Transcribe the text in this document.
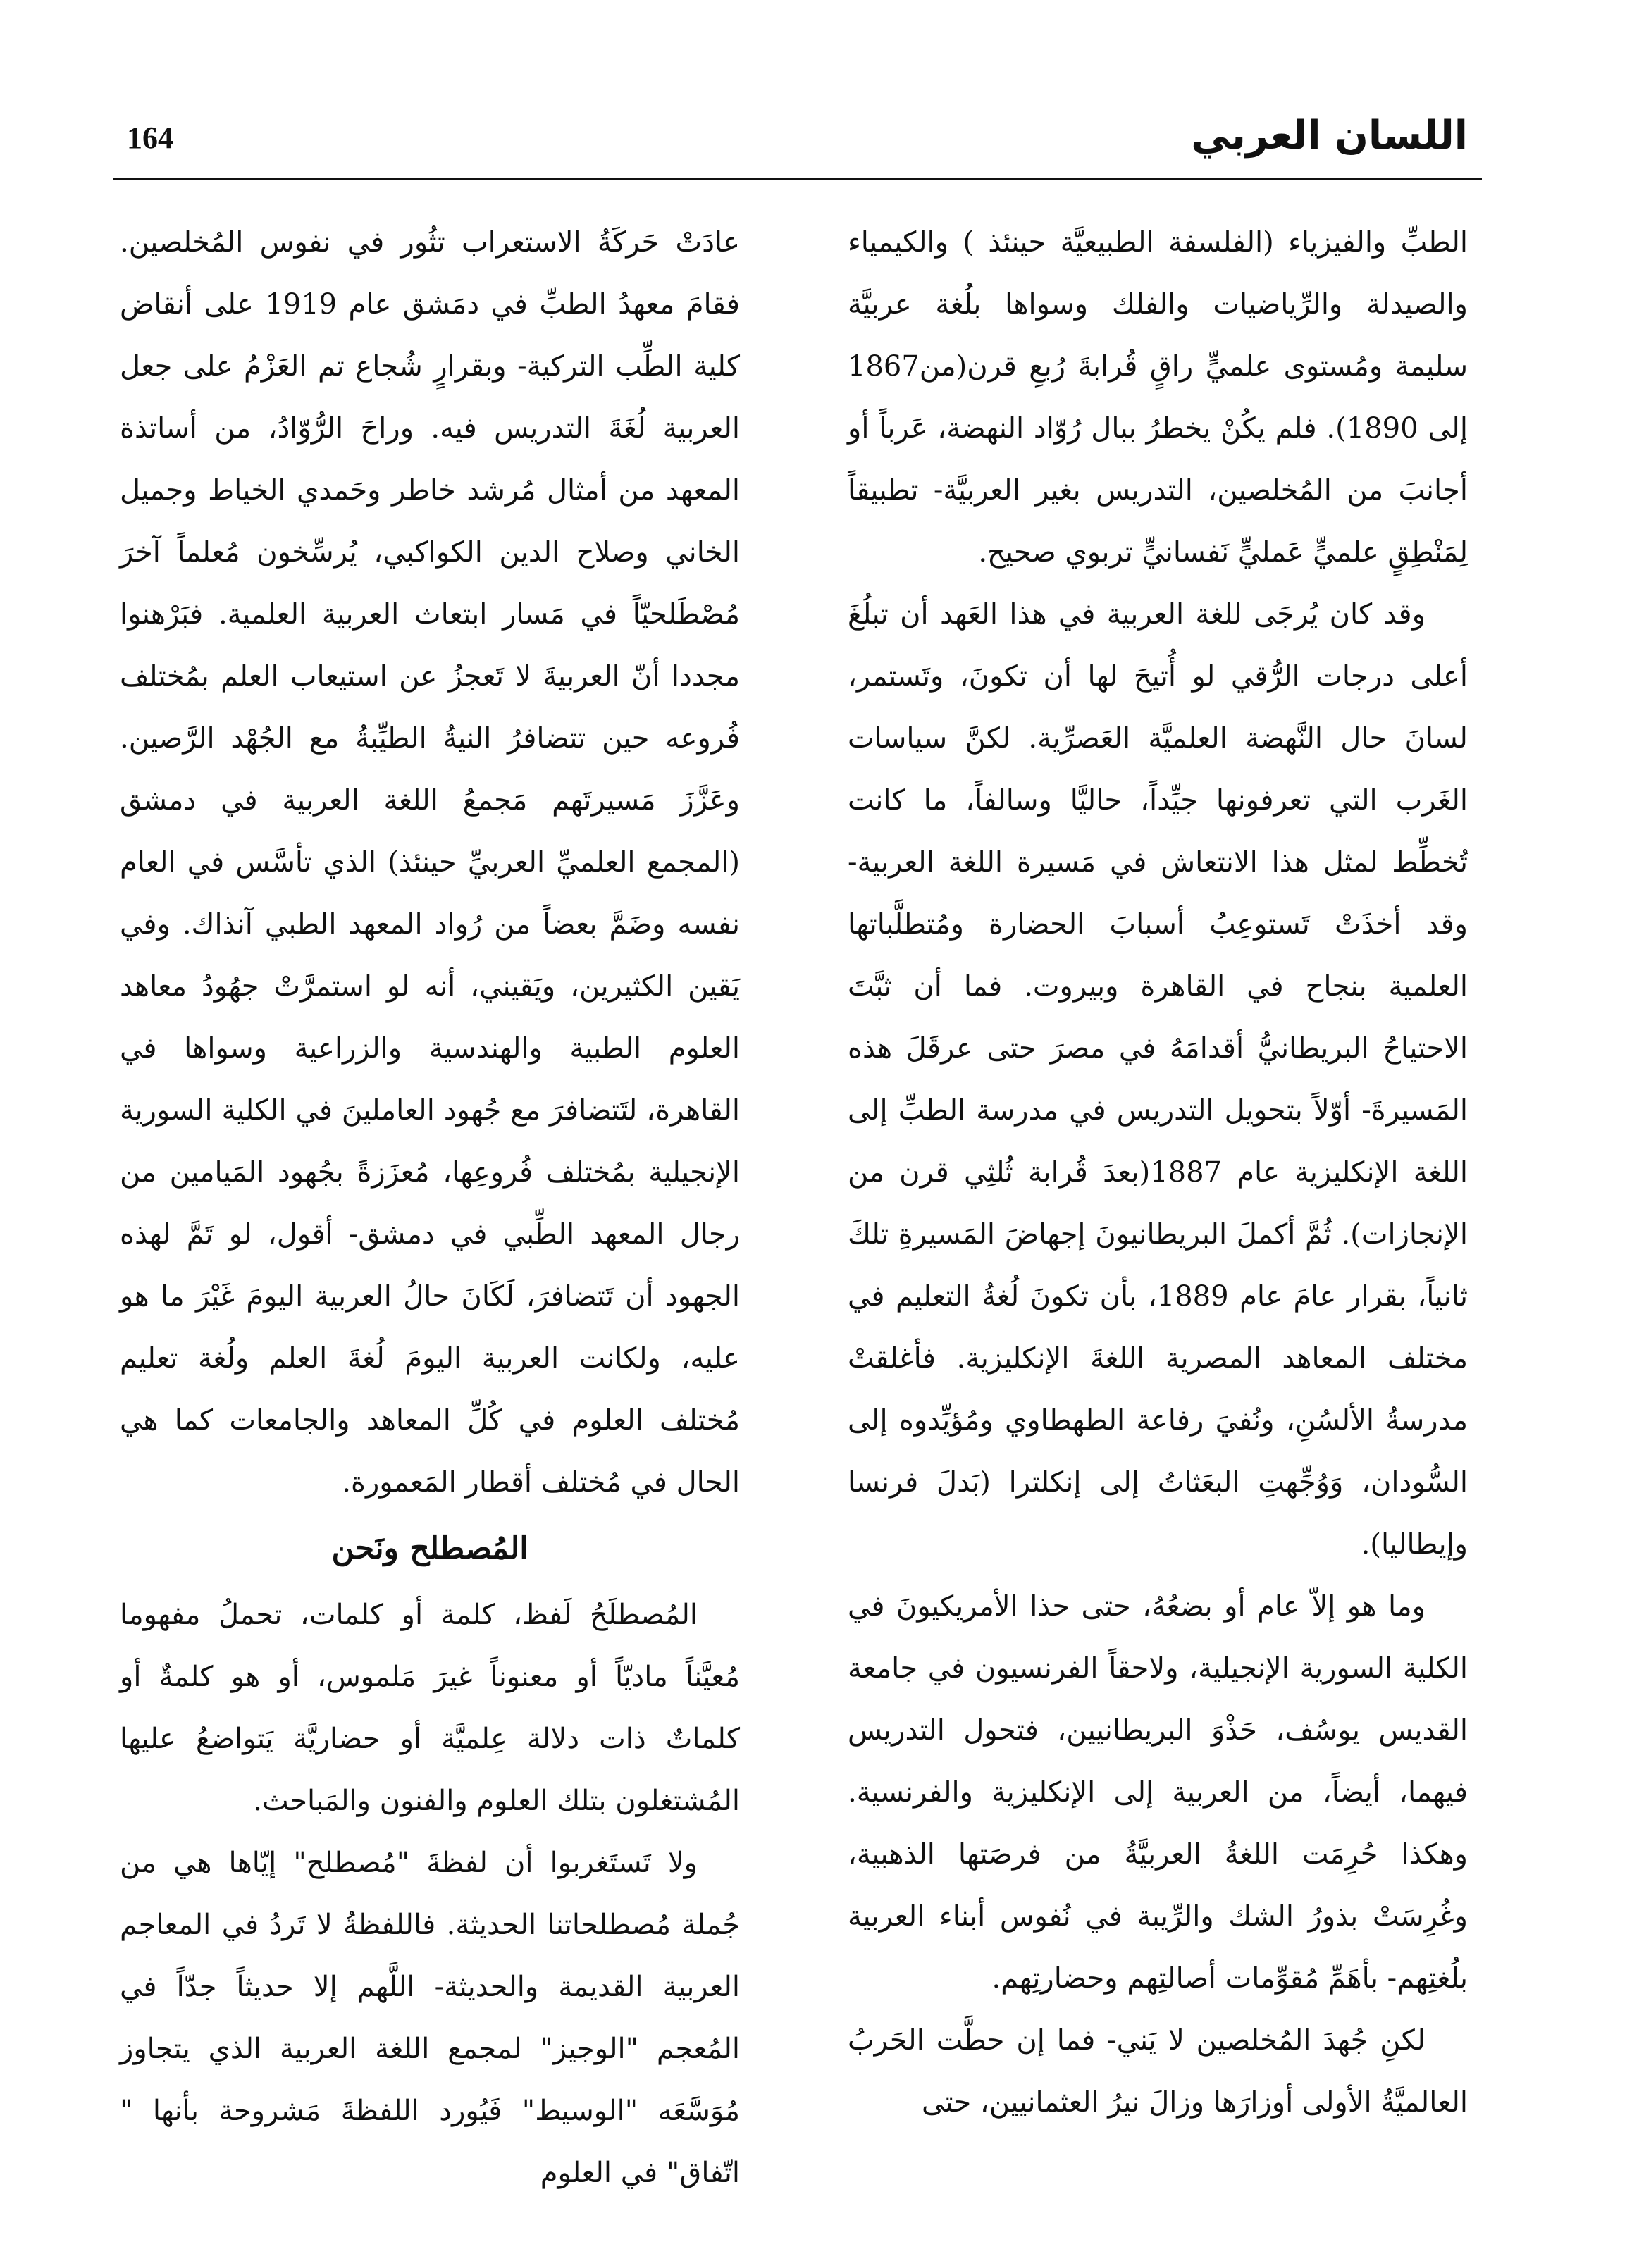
164	اللسان العربي

الطبِّ والفيزياء (الفلسفة الطبيعيَّة حينئذ ) والكيمياء والصيدلة والرِّياضيات والفلك وسواها بلُغة عربيَّة سليمة ومُستوى علميٍّ راقٍ قُرابةَ رُبعِ قرن(من1867 إلى 1890). فلم يكُنْ يخطرُ ببال رُوّاد النهضة، عَرباً أو أجانبَ من المُخلصين، التدريس بغير العربيَّة- تطبيقاً لِمَنْطِقٍ علميٍّ عَمليٍّ نَفسانيٍّ تربوي صحيح.

وقد كان يُرجَى للغة العربية في هذا العَهد أن تبلُغَ أعلى درجات الرُّقي لو أُتيحَ لها أن تكونَ، وتَستمر، لسانَ حال النَّهضة العلميَّة العَصرِّية. لكنَّ سياسات الغَرب التي تعرفونها جيِّداً، حاليَّا وسالفاً، ما كانت تُخطِّط لمثل هذا الانتعاش في مَسيرة اللغة العربية- وقد أخذَتْ تَستوعِبُ أسبابَ الحضارة ومُتطلَّباتها العلمية بنجاح في القاهرة وبيروت. فما أن ثبَّتَ الاحتياحُ البريطانيُّ أقدامَهُ في مصرَ حتى عرقَلَ هذه المَسيرةَ- أوّلاً بتحويل التدريس في مدرسة الطبِّ إلى اللغة الإنكليزية عام 1887(بعدَ قُرابة ثُلثِي قرن من الإنجازات). ثُمَّ أكملَ البريطانيونَ إجهاضَ المَسيرةِ تلكَ ثانياً، بقرار عامَ عام 1889، بأن تكونَ لُغةُ التعليم في مختلف المعاهد المصرية اللغةَ الإنكليزية. فأغلقتْ مدرسةُ الألسُنِ، ونُفيَ رفاعة الطهطاوي ومُؤيِّدوه إلى السُّودان، وَوُجِّهتِ البعَثاتُ إلى إنكلترا (بَدلَ فرنسا وإيطاليا).

وما هو إلاّ عام أو بضعُهُ، حتى حذا الأمريكيونَ في الكلية السورية الإنجيلية، ولاحقاً الفرنسيون في جامعة القديس يوسُف، حَذْوَ البريطانيين، فتحول التدريس فيهما، أيضاً، من العربية إلى الإنكليزية والفرنسية. وهكذا حُرِمَت اللغةُ العربيَّةُ من فرصَتها الذهبية، وغُرِسَتْ بذورُ الشك والرِّيبة في نُفوس أبناء العربية بلُغتِهم- بأهَمِّ مُقوِّمات أصالتِهم وحضارتِهم.

لكنِ جُهدَ المُخلصين لا يَني- فما إن حطَّت الحَربُ العالميَّةُ الأولى أوزارَها وزالَ نيرُ العثمانيين، حتى

عادَتْ حَركَةُ الاستعراب تثُور في نفوس المُخلصين. فقامَ معهدُ الطبِّ في دمَشق عام 1919 على أنقاض كلية الطِّب التركية- وبقرارٍ شُجاع تم العَزْمُ على جعل العربية لُغَةَ التدريس فيه. وراحَ الرُّوّادُ، من أساتذة المعهد من أمثال مُرشد خاطر وحَمدي الخياط وجميل الخاني وصلاح الدين الكواكبي، يُرسِّخون مُعلماً آخرَ مُصْطَلحيّاً في مَسار ابتعاث العربية العلمية. فبَرْهنوا مجددا أنّ العربيةَ لا تَعجزُ عن استيعاب العلم بمُختلف فُروعه حين تتضافرُ النيةُ الطيِّبةُ مع الجُهْد الرَّصين. وعَزَّزَ مَسيرتَهم مَجمعُ اللغة العربية في دمشق (المجمع العلميِّ العربيِّ حينئذ) الذي تأسَّس في العام نفسه وضَمَّ بعضاً من رُواد المعهد الطبي آنذاك. وفي يَقين الكثيرين، ويَقيني، أنه لو استمرَّتْ جهُودُ معاهد العلوم الطبية والهندسية والزراعية وسواها في القاهرة، لتَتضافرَ مع جُهود العاملينَ في الكلية السورية الإنجيلية بمُختلف فُروعِها، مُعزَزةً بجُهود المَيامين من رجال المعهد الطِّبي في دمشق- أقول، لو تَمَّ لهذه الجهود أن تَتضافرَ، لَكَانَ حالُ العربية اليومَ غَيْرَ ما هو عليه، ولكانت العربية اليومَ لُغةَ العلم ولُغة تعليم مُختلف العلوم في كُلِّ المعاهد والجامعات كما هي الحال في مُختلف أقطار المَعمورة.

المُصطلح ونَحن

المُصطلَحُ لَفظ، كلمة أو كلمات، تحملُ مفهوما مُعيَّناً ماديّاً أو معنوناً غيرَ مَلموس، أو هو كلمةٌ أو كلماتٌ ذات دلالة عِلميَّة أو حضاريَّة يَتواضعُ عليها المُشتغلون بتلك العلوم والفنون والمَباحث.

ولا تَستَغربوا أن لفظةَ "مُصطلح" إيّاها هي من جُملة مُصطلحاتنا الحديثة. فاللفظةُ لا تَردُ في المعاجم العربية القديمة والحديثة- اللَّهم إلا حديثاً جدّاً في المُعجم "الوجيز" لمجمع اللغة العربية الذي يتجاوز مُوَسَّعَه "الوسيط" فَيُورد اللفظةَ مَشروحة بأنها " اتّفاق" في العلوم
